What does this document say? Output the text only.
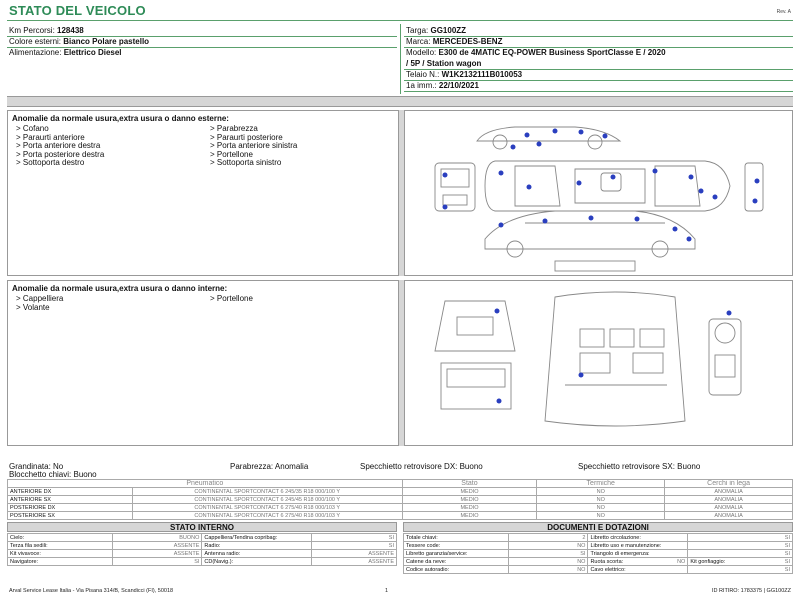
STATO DEL VEICOLO	Rev. A
Km Percorsi: 128438
Colore esterni: Bianco Polare pastello
Alimentazione: Elettrico Diesel
Targa: GG100ZZ
Marca: MERCEDES-BENZ
Modello: E300 de 4MATIC EQ-POWER Business SportClasse E / 2020
/ 5P / Station wagon
Telaio N.: W1K2132111B010053
1a imm.: 22/10/2021
Anomalie da normale usura,extra usura o danno esterne:
> Cofano
> Paraurti anteriore
> Porta anteriore destra
> Porta posteriore destra
> Sottoporta destro
> Parabrezza
> Paraurti posteriore
> Porta anteriore sinistra
> Portellone
> Sottoporta sinistro
Anomalie da normale usura,extra usura o danno interne:
> Cappelliera
> Volante
> Portellone
Grandinata: No
Blocchetto chiavi: Buono
Parabrezza: Anomalia	Specchietto retrovisore DX: Buono	Specchietto retrovisore SX: Buono
Pneumatico		Stato	Termiche	Cerchi in lega
ANTERIORE DX	CONTINENTAL SPORTCONTACT 6 245/35 R18 000/100 Y	MEDIO	NO	ANOMALIA
ANTERIORE SX	CONTINENTAL SPORTCONTACT 6 245/45 R18 000/100 Y	MEDIO	NO	ANOMALIA
POSTERIORE DX	CONTINENTAL SPORTCONTACT 6 275/40 R18 000/103 Y	MEDIO	NO	ANOMALIA
POSTERIORE SX	CONTINENTAL SPORTCONTACT 6 275/40 R18 000/103 Y	MEDIO	NO	ANOMALIA
STATO INTERNO
Cielo:	BUONO	Cappelliera/Tendina copribag:	SI
Terza fila sedili:	ASSENTE	Radio:	SI
Kit vivavoce:	ASSENTE	Antenna radio:	ASSENTE
Navigatore:	SI	CD(Navig.):	ASSENTE
DOCUMENTI E DOTAZIONI
Totale chiavi:	2	Libretto circolazione:	SI
Tessere code:	NO	Libretto uso e manutenzione:	SI
Libretto garanzia/service:	SI	Triangolo di emergenza:	SI
Catene da neve:	NO	Ruota scorta: NO	Kit gonfiaggio: SI

Codice autoradio:	NO	Cavo elettrico:	SI
Arval Service Lease Italia - Via Pisana 314/B, Scandicci (FI), 50018	1	ID RITIRO: 1783375 | GG100ZZ
